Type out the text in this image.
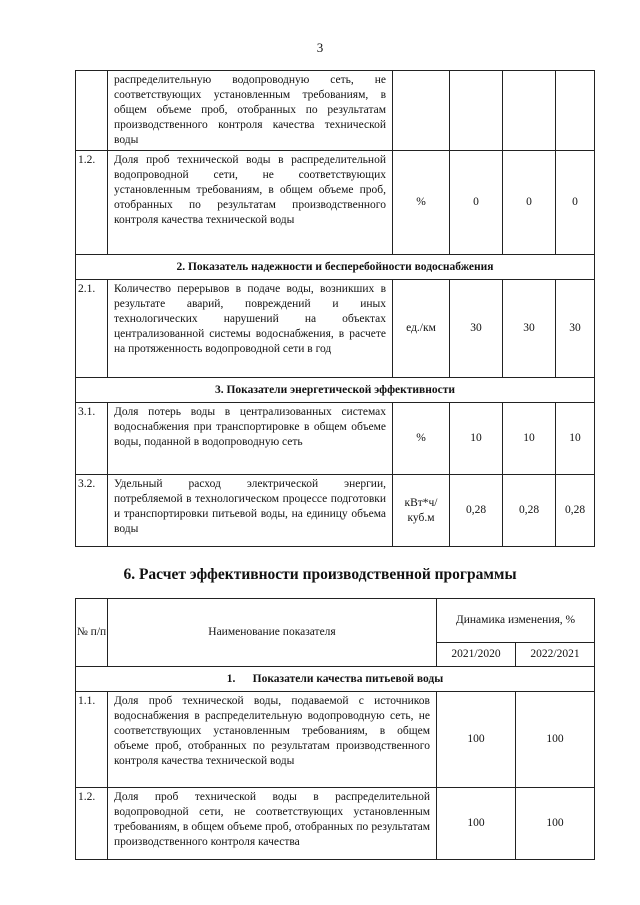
3
	распределительную водопроводную сеть, не соответствующих установленным требованиям, в общем объеме проб, отобранных по результатам производственного контроля качества технической воды				
1.2.	Доля проб технической воды в распределительной водопроводной сети, не соответствующих установленным требованиям, в общем объеме проб, отобранных по результатам производственного контроля качества технической воды	%	0	0	0
2. Показатель надежности и бесперебойности водоснабжения					
2.1.	Количество перерывов в подаче воды, возникших в результате аварий, повреждений и иных технологических нарушений на объектах централизованной системы водоснабжения, в расчете на протяженность водопроводной сети в год	ед./км	30	30	30
3. Показатели энергетической эффективности					
3.1.	Доля потерь воды в централизованных системах водоснабжения при транспортировке в общем объеме воды, поданной в водопроводную сеть	%	10	10	10
3.2.	Удельный расход электрической энергии, потребляемой в технологическом процессе подготовки и транспортировки питьевой воды, на единицу объема воды	кВт*ч/ куб.м	0,28	0,28	0,28
6. Расчет эффективности производственной программы
№ п/п	Наименование показателя	Динамика изменения, %	
		2021/2020	2022/2021
1.      Показатели качества питьевой воды			
1.1.	Доля проб технической воды, подаваемой с источников водоснабжения в распределительную водопроводную сеть, не соответствующих установленным требованиям, в общем объеме проб, отобранных по результатам производственного контроля качества технической воды	100	100
1.2.	Доля проб технической воды в распределительной водопроводной сети, не соответствующих установленным требованиям, в общем объеме проб, отобранных по результатам производственного контроля качества	100	100
